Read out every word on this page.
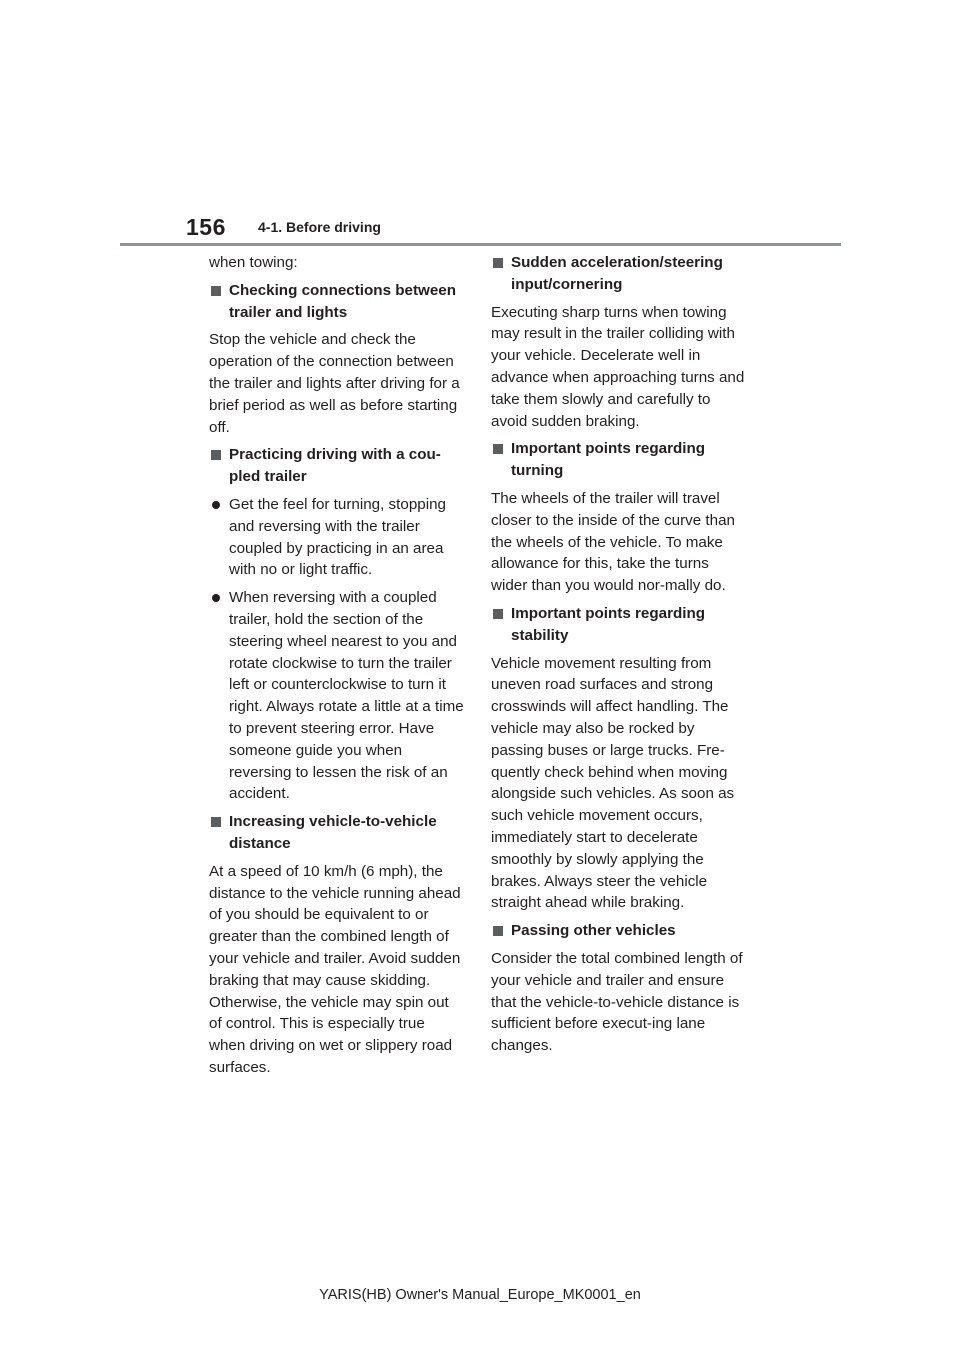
156 4-1. Before driving

when towing:

Checking connections between trailer and lights

Stop the vehicle and check the operation of the connection between the trailer and lights after driving for a brief period as well as before starting off.

Practicing driving with a cou-pled trailer

Get the feel for turning, stopping and reversing with the trailer coupled by practicing in an area with no or light traffic.

When reversing with a coupled trailer, hold the section of the steering wheel nearest to you and rotate clockwise to turn the trailer left or counterclockwise to turn it right. Always rotate a little at a time to prevent steering error. Have someone guide you when reversing to lessen the risk of an accident.

Increasing vehicle-to-vehicle distance

At a speed of 10 km/h (6 mph), the distance to the vehicle running ahead of you should be equivalent to or greater than the combined length of your vehicle and trailer. Avoid sudden braking that may cause skidding. Otherwise, the vehicle may spin out of control. This is especially true when driving on wet or slippery road surfaces.

Sudden acceleration/steering input/cornering

Executing sharp turns when towing may result in the trailer colliding with your vehicle. Decelerate well in advance when approaching turns and take them slowly and carefully to avoid sudden braking.

Important points regarding turning

The wheels of the trailer will travel closer to the inside of the curve than the wheels of the vehicle. To make allowance for this, take the turns wider than you would nor-mally do.

Important points regarding stability

Vehicle movement resulting from uneven road surfaces and strong crosswinds will affect handling. The vehicle may also be rocked by passing buses or large trucks. Fre-quently check behind when moving alongside such vehicles. As soon as such vehicle movement occurs, immediately start to decelerate smoothly by slowly applying the brakes. Always steer the vehicle straight ahead while braking.

Passing other vehicles

Consider the total combined length of your vehicle and trailer and ensure that the vehicle-to-vehicle distance is sufficient before execut-ing lane changes.

YARIS(HB) Owner's Manual_Europe_MK0001_en
